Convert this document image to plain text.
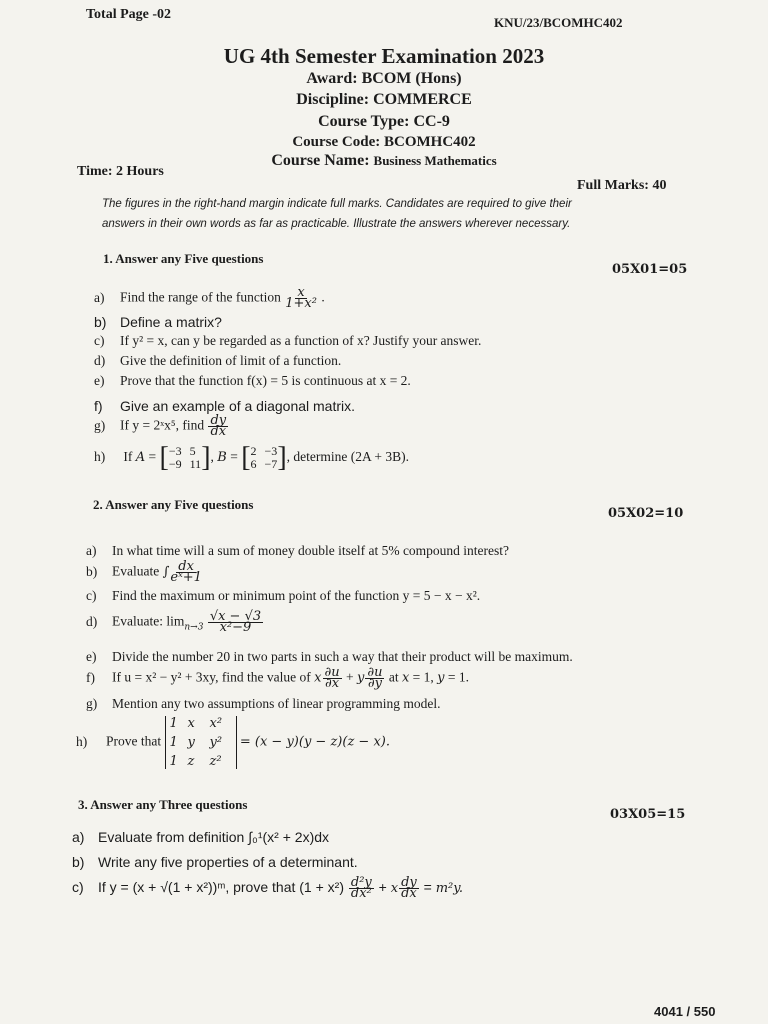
Total Page -02
KNU/23/BCOMHC402
UG 4th Semester Examination 2023
Award: BCOM (Hons)
Discipline: COMMERCE
Course Type: CC-9
Course Code: BCOMHC402
Course Name: Business Mathematics
Time: 2 Hours
Full Marks: 40
The figures in the right-hand margin indicate full marks. Candidates are required to give their
answers in their own words as far as practicable. Illustrate the answers wherever necessary.
1. Answer any Five questions
05X01=05
a) Find the range of the function $\frac{x}{\text{1+x²}}$ .
b) Define a matrix?
c) If y² = x, can y be regarded as a function of x? Justify your answer.
d) Give the definition of limit of a function.
e) Prove that the function f(x) = 5 is continuous at x = 2.
f) Give an example of a diagonal matrix.
g) If y = 2ˣx⁵, find $\frac{dy}{dx}$
h) If A = [ −3 5
−9 11 ] , B = [ 2 −3
6 −7 ] , determine (2A + 3B).
2. Answer any Five questions
05X02=10
a) In what time will a sum of money double itself at 5% compound interest?
b) Evaluate ∫ $\frac{dx}{\text{eˣ+1}}$
c) Find the maximum or minimum point of the function y = 5 − x − x².
d) Evaluate: $\lim_{n\to 3} \frac{√x - √3}{\text{x²−9}}$
e) Divide the number 20 in two parts in such a way that their product will be maximum.
f) If u = x² − y² + 3xy, find the value of x $\frac{\partial u}{\partial x} + y \frac{\partial u}{\partial y}$ at x = 1, y = 1.
g) Mention any two assumptions of linear programming model.
h) Prove that
1 x	x²
1 y	y²
1 z	z²
= (x − y)(y − z)(z − x).
3. Answer any Three questions
03X05=15
a) Evaluate from definition ∫₀¹(x² + 2x)dx
b) Write any five properties of a determinant.
c) If y = (x + √(1 + x²))ᵐ, prove that $(1 + x^2) \frac{\text{d²y}}{\text{dx²}} + x \frac{dy}{dx} = m^2y$.
4041 / 550
